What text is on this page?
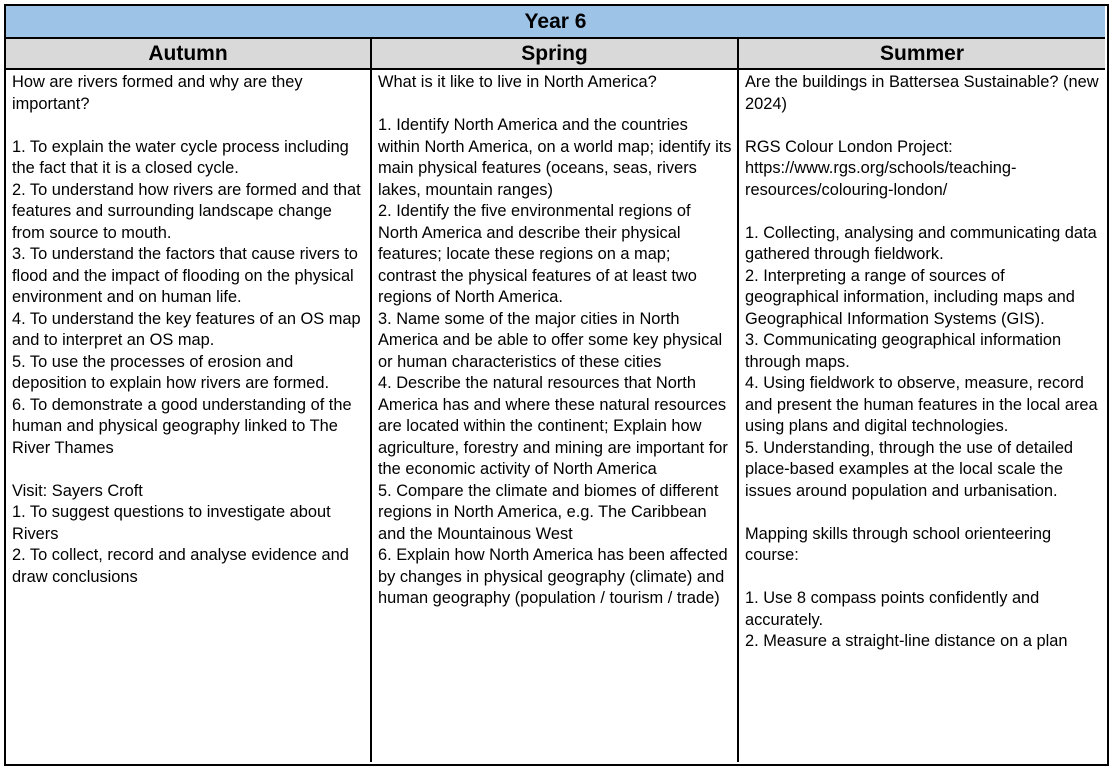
Year 6
Autumn	Spring	Summer
How are rivers formed and why are they important?
1. To explain the water cycle process including the fact that it is a closed cycle.
2. To understand how rivers are formed and that features and surrounding landscape change from source to mouth.
3. To understand the factors that cause rivers to flood and the impact of flooding on the physical environment and on human life.
4. To understand the key features of an OS map and to interpret an OS map.
5. To use the processes of erosion and deposition to explain how rivers are formed.
6. To demonstrate a good understanding of the human and physical geography linked to The River Thames
Visit: Sayers Croft
1. To suggest questions to investigate about Rivers
2. To collect, record and analyse evidence and draw conclusions
What is it like to live in North America?
1. Identify North America and the countries within North America, on a world map; identify its main physical features (oceans, seas, rivers lakes, mountain ranges)
2. Identify the five environmental regions of North America and describe their physical features; locate these regions on a map; contrast the physical features of at least two regions of North America.
3. Name some of the major cities in North America and be able to offer some key physical or human characteristics of these cities
4. Describe the natural resources that North America has and where these natural resources are located within the continent; Explain how agriculture, forestry and mining are important for the economic activity of North America
5. Compare the climate and biomes of different regions in North America, e.g. The Caribbean and the Mountainous West
6. Explain how North America has been affected by changes in physical geography (climate) and human geography (population / tourism / trade)
Are the buildings in Battersea Sustainable? (new 2024)
RGS Colour London Project: https://www.rgs.org/schools/teaching-resources/colouring-london/
1. Collecting, analysing and communicating data gathered through fieldwork.
2. Interpreting a range of sources of geographical information, including maps and Geographical Information Systems (GIS).
3. Communicating geographical information through maps.
4. Using fieldwork to observe, measure, record and present the human features in the local area using plans and digital technologies.
5. Understanding, through the use of detailed place-based examples at the local scale the issues around population and urbanisation.
Mapping skills through school orienteering course:
1. Use 8 compass points confidently and accurately.
2. Measure a straight-line distance on a plan
